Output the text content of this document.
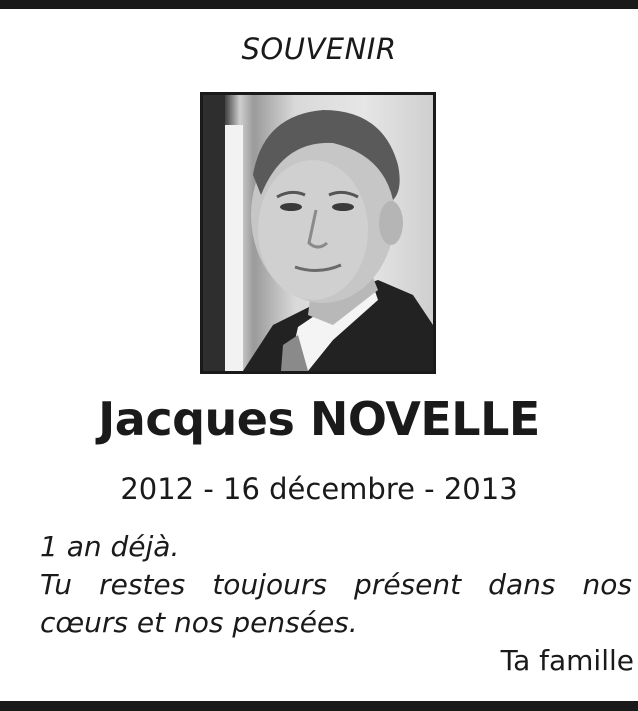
SOUVENIR
Jacques NOVELLE
2012 - 16 décembre - 2013
1 an déjà.
Tu restes toujours présent dans nos
cœurs et nos pensées.
Ta famille
